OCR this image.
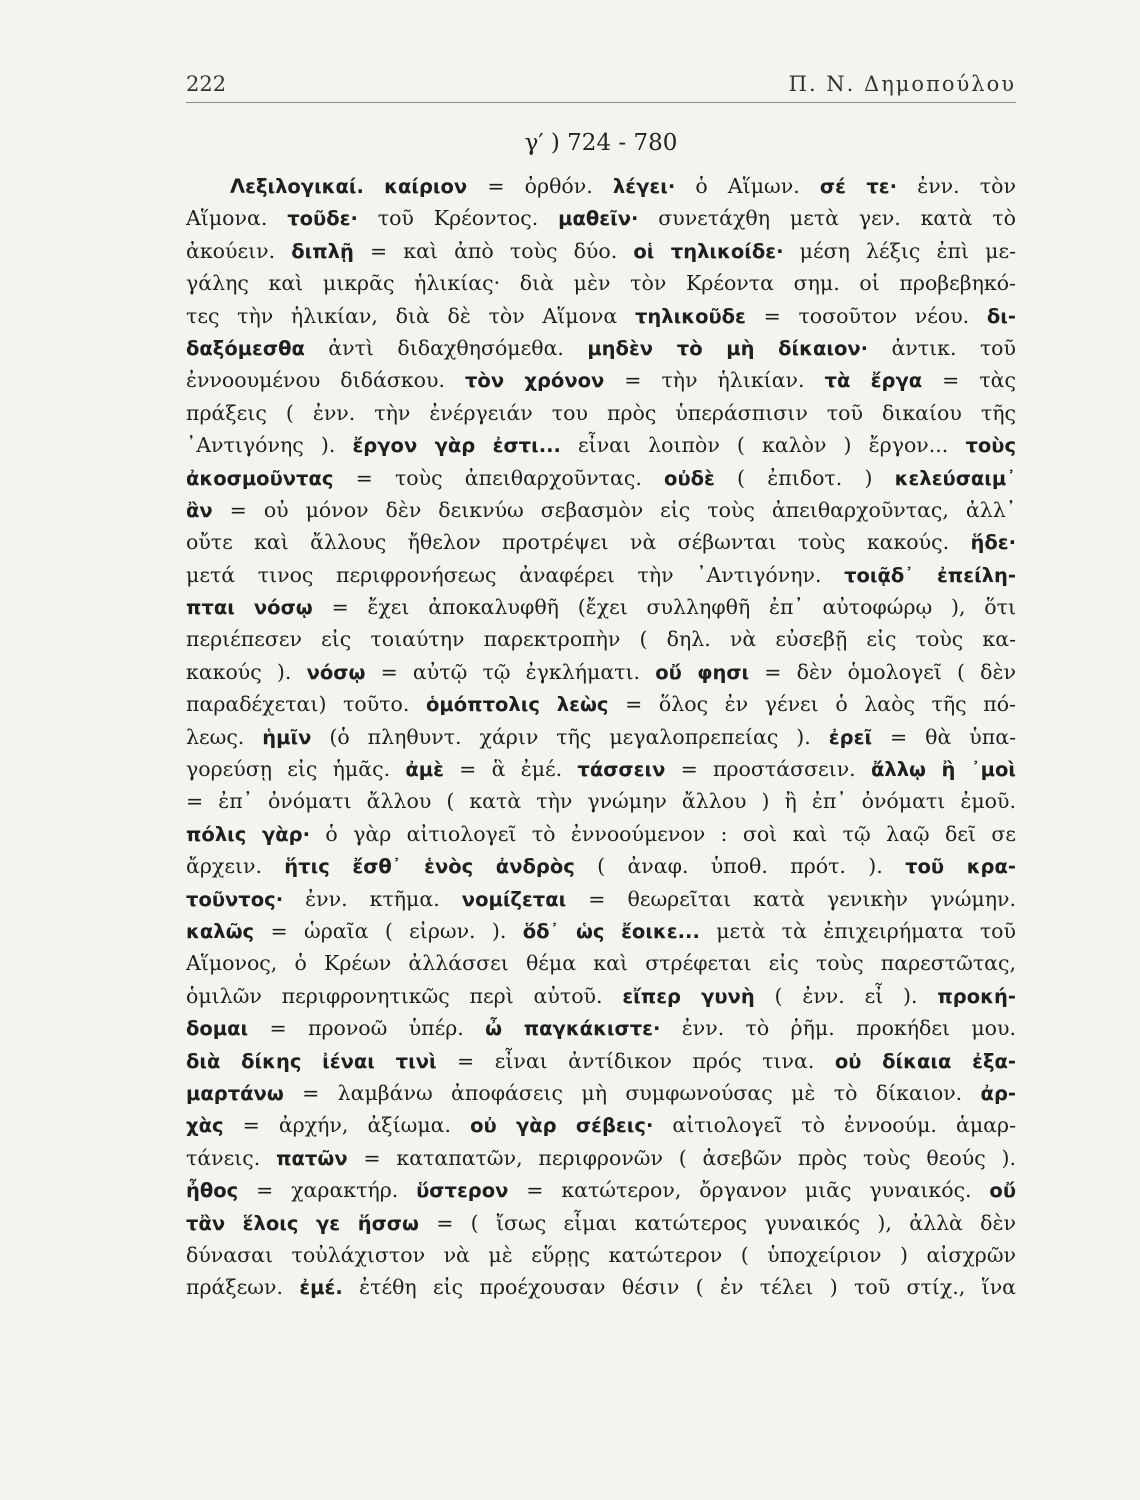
222	Π. Ν. Δημοπούλου
γ′ ) 724 - 780
Λεξιλογικαί. καίριον = ὀρθόν. λέγει· ὁ Αἵμων. σέ τε· ἐνν. τὸν
Αἵμονα. τοῦδε· τοῦ Κρέοντος. μαθεῖν· συνετάχθη μετὰ γεν. κατὰ τὸ
ἀκούειν. διπλῇ = καὶ ἀπὸ τοὺς δύο. οἱ τηλικοίδε· μέση λέξις ἐπὶ με-
γάλης καὶ μικρᾶς ἡλικίας· διὰ μὲν τὸν Κρέοντα σημ. οἱ προβεβηκό-
τες τὴν ἡλικίαν, διὰ δὲ τὸν Αἵμονα τηλικοῦδε = τοσοῦτον νέου. δι-
δαξόμεσθα ἀντὶ διδαχθησόμεθα. μηδὲν τὸ μὴ δίκαιον· ἀντικ. τοῦ
ἐννοουμένου διδάσκου. τὸν χρόνον = τὴν ἡλικίαν. τὰ ἔργα = τὰς
πράξεις ( ἐνν. τὴν ἐνέργειάν του πρὸς ὑπεράσπισιν τοῦ δικαίου τῆς
᾿Αντιγόνης ). ἔργον γὰρ ἐστι... εἶναι λοιπὸν ( καλὸν ) ἔργον... τοὺς
ἀκοσμοῦντας = τοὺς ἀπειθαρχοῦντας. οὐδὲ ( ἐπιδοτ. ) κελεύσαιμ᾿
ἂν = οὐ μόνον δὲν δεικνύω σεβασμὸν εἰς τοὺς ἀπειθαρχοῦντας, ἀλλ᾿
οὔτε καὶ ἄλλους ἤθελον προτρέψει νὰ σέβωνται τοὺς κακούς. ἥδε·
μετά τινος περιφρονήσεως ἀναφέρει τὴν ᾿Αντιγόνην. τοιᾷδ᾿ ἐπείλη-
πται νόσῳ = ἔχει ἀποκαλυφθῆ (ἔχει συλληφθῆ ἐπ᾿ αὐτοφώρῳ ), ὅτι
περιέπεσεν εἰς τοιαύτην παρεκτροπὴν ( δηλ. νὰ εὐσεβῇ εἰς τοὺς κα-
κακούς ). νόσῳ = αὐτῷ τῷ ἐγκλήματι. οὔ φησι = δὲν ὁμολογεῖ ( δὲν
παραδέχεται) τοῦτο. ὁμόπτολις λεὼς = ὅλος ἐν γένει ὁ λαὸς τῆς πό-
λεως. ἡμῖν (ὁ πληθυντ. χάριν τῆς μεγαλοπρεπείας ). ἐρεῖ = θὰ ὑπα-
γορεύσῃ εἰς ἡμᾶς. ἀμὲ = ἃ ἐμέ. τάσσειν = προστάσσειν. ἄλλῳ ἢ ᾿μοὶ
= ἐπ᾿ ὀνόματι ἄλλου ( κατὰ τὴν γνώμην ἄλλου ) ἢ ἐπ᾿ ὀνόματι ἐμοῦ.
πόλις γὰρ· ὁ γὰρ αἰτιολογεῖ τὸ ἐννοούμενον : σοὶ καὶ τῷ λαῷ δεῖ σε
ἄρχειν. ἥτις ἔσθ᾿ ἑνὸς ἀνδρὸς ( ἀναφ. ὑποθ. πρότ. ). τοῦ κρα-
τοῦντος· ἐνν. κτῆμα. νομίζεται = θεωρεῖται κατὰ γενικὴν γνώμην.
καλῶς = ὡραῖα ( εἰρων. ). ὅδ᾿ ὡς ἔοικε... μετὰ τὰ ἐπιχειρήματα τοῦ
Αἵμονος, ὁ Κρέων ἀλλάσσει θέμα καὶ στρέφεται εἰς τοὺς παρεστῶτας,
ὁμιλῶν περιφρονητικῶς περὶ αὐτοῦ. εἴπερ γυνὴ ( ἐνν. εἶ ). προκή-
δομαι = προνοῶ ὑπέρ. ὦ παγκάκιστε· ἐνν. τὸ ῥῆμ. προκήδει μου.
διὰ δίκης ἰέναι τινὶ = εἶναι ἀντίδικον πρός τινα. οὐ δίκαια ἐξα-
μαρτάνω = λαμβάνω ἀποφάσεις μὴ συμφωνούσας μὲ τὸ δίκαιον. ἀρ-
χὰς = ἀρχήν, ἀξίωμα. οὐ γὰρ σέβεις· αἰτιολογεῖ τὸ ἐννοούμ. ἁμαρ-
τάνεις. πατῶν = καταπατῶν, περιφρονῶν ( ἀσεβῶν πρὸς τοὺς θεούς ).
ἦθος = χαρακτήρ. ὕστερον = κατώτερον, ὄργανον μιᾶς γυναικός. οὔ
τἂν ἕλοις γε ἥσσω = ( ἴσως εἶμαι κατώτερος γυναικός ), ἀλλὰ δὲν
δύνασαι τοὐλάχιστον νὰ μὲ εὕρῃς κατώτερον ( ὑποχείριον ) αἰσχρῶν
πράξεων. ἐμέ. ἐτέθη εἰς προέχουσαν θέσιν ( ἐν τέλει ) τοῦ στίχ., ἵνα
